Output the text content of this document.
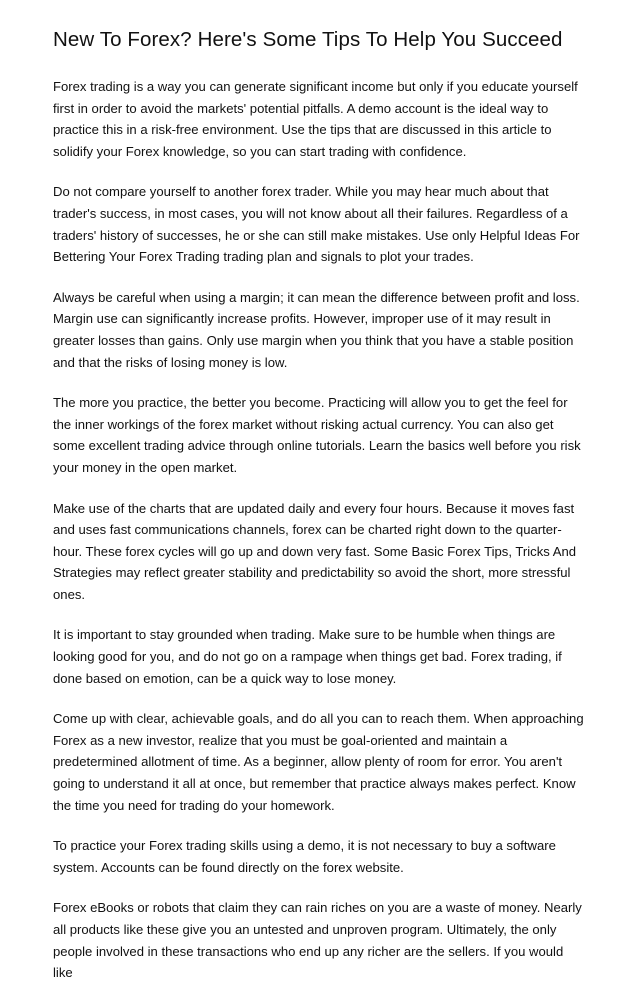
New To Forex? Here's Some Tips To Help You Succeed

Forex trading is a way you can generate significant income but only if you educate yourself first in order to avoid the markets' potential pitfalls. A demo account is the ideal way to practice this in a risk-free environment. Use the tips that are discussed in this article to solidify your Forex knowledge, so you can start trading with confidence.

Do not compare yourself to another forex trader. While you may hear much about that trader's success, in most cases, you will not know about all their failures. Regardless of a traders' history of successes, he or she can still make mistakes. Use only Helpful Ideas For Bettering Your Forex Trading trading plan and signals to plot your trades.

Always be careful when using a margin; it can mean the difference between profit and loss. Margin use can significantly increase profits. However, improper use of it may result in greater losses than gains. Only use margin when you think that you have a stable position and that the risks of losing money is low.

The more you practice, the better you become. Practicing will allow you to get the feel for the inner workings of the forex market without risking actual currency. You can also get some excellent trading advice through online tutorials. Learn the basics well before you risk your money in the open market.

Make use of the charts that are updated daily and every four hours. Because it moves fast and uses fast communications channels, forex can be charted right down to the quarter-hour. These forex cycles will go up and down very fast. Some Basic Forex Tips, Tricks And Strategies may reflect greater stability and predictability so avoid the short, more stressful ones.

It is important to stay grounded when trading. Make sure to be humble when things are looking good for you, and do not go on a rampage when things get bad. Forex trading, if done based on emotion, can be a quick way to lose money.

Come up with clear, achievable goals, and do all you can to reach them. When approaching Forex as a new investor, realize that you must be goal-oriented and maintain a predetermined allotment of time. As a beginner, allow plenty of room for error. You aren't going to understand it all at once, but remember that practice always makes perfect. Know the time you need for trading do your homework.

To practice your Forex trading skills using a demo, it is not necessary to buy a software system. Accounts can be found directly on the forex website.

Forex eBooks or robots that claim they can rain riches on you are a waste of money. Nearly all products like these give you an untested and unproven program. Ultimately, the only people involved in these transactions who end up any richer are the sellers. If you would like
